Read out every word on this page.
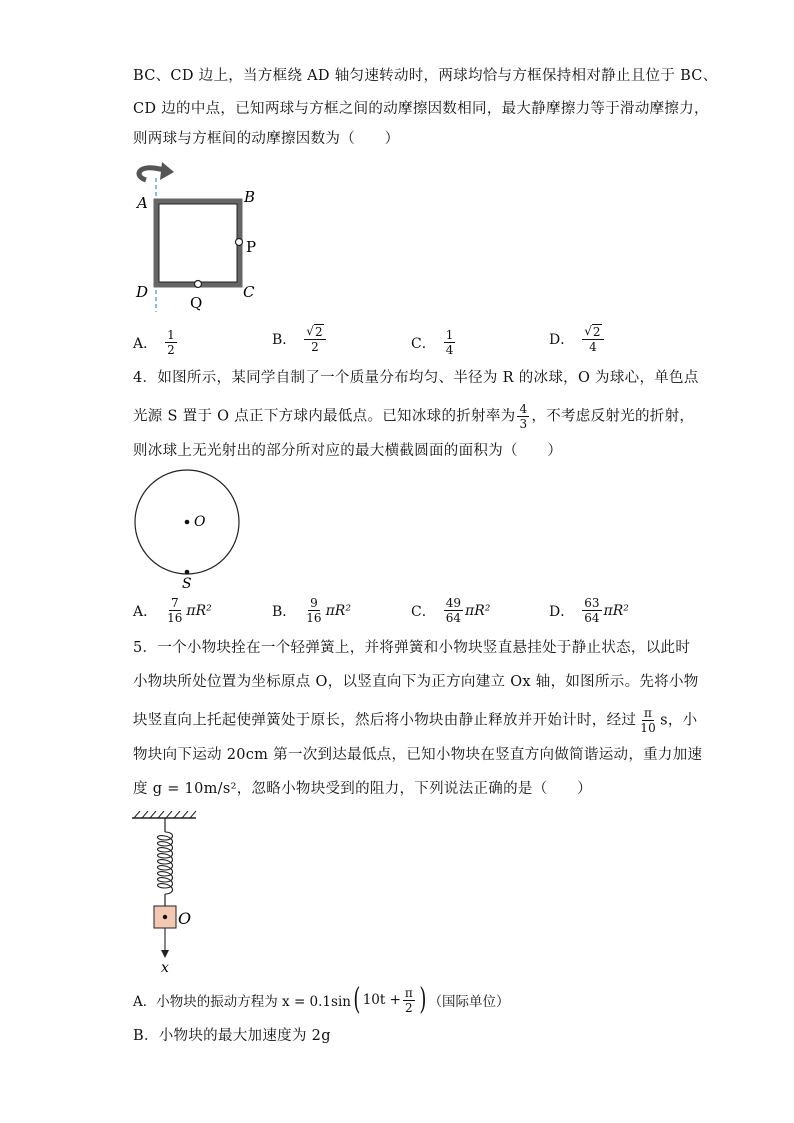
BC、CD 边上，当方框绕 AD 轴匀速转动时，两球均恰与方框保持相对静止且位于 BC、
CD 边的中点，已知两球与方框之间的动摩擦因数相同，最大静摩擦力等于滑动摩擦力，
则两球与方框间的动摩擦因数为（　　）
A	B
P
C
D
Q
A． $\frac{1}{2}$	B． $\frac{√ 2}{2}$	C． $\frac{1}{4}$	D． $\frac{√ 2}{4}$
4．如图所示，某同学自制了一个质量分布均匀、半径为 R 的冰球，O 为球心，单色点
光源 S 置于 O 点正下方球内最低点。已知冰球的折射率为 $\frac{4}{3}$ ，不考虑反射光的折射，
则冰球上无光射出的部分所对应的最大横截圆面的面积为（　　）
O
S
A． $\frac{7}{16} \pi R^2$	B． $\frac{9}{16} \pi R^2$	C． $\frac{49}{64} \pi R^2$	D． $\frac{63}{64} \pi R^2$
5．一个小物块拴在一个轻弹簧上，并将弹簧和小物块竖直悬挂处于静止状态，以此时
小物块所处位置为坐标原点 O，以竖直向下为正方向建立 Ox 轴，如图所示。先将小物
块竖直向上托起使弹簧处于原长，然后将小物块由静止释放并开始计时，经过 $\frac{\pi}{10}$ s，小
物块向下运动 20cm 第一次到达最低点，已知小物块在竖直方向做简谐运动，重力加速
度 g = 10m/s²，忽略小物块受到的阻力，下列说法正确的是（　　）
O
x
A．小物块的振动方程为 x = 0.1sin ( $10t + \frac{\pi}{2}$ ) （国际单位）
B．小物块的最大加速度为 2g
